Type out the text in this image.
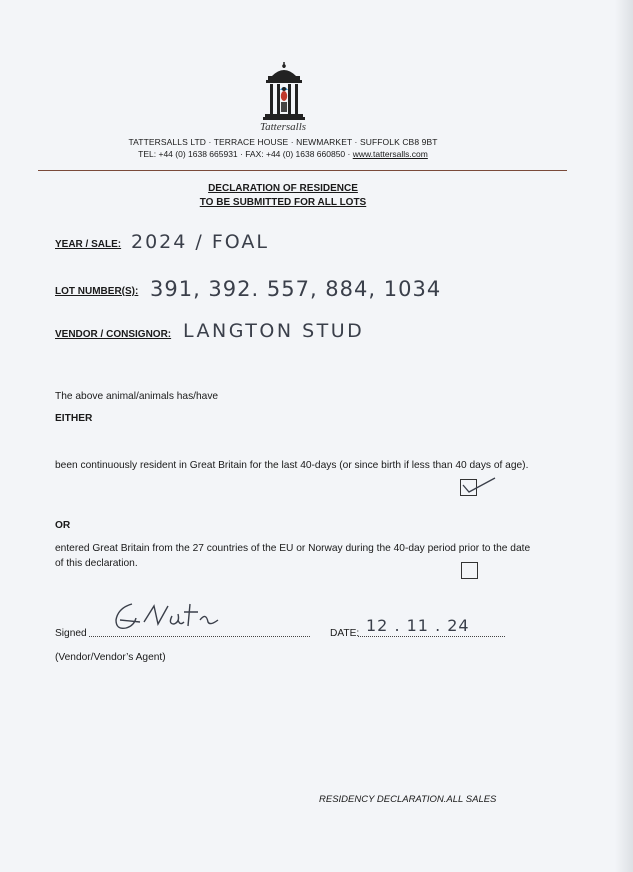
Tattersalls
TATTERSALLS LTD · TERRACE HOUSE · NEWMARKET · SUFFOLK CB8 9BT
TEL: +44 (0) 1638 665931 · FAX: +44 (0) 1638 660850 · www.tattersalls.com
DECLARATION OF RESIDENCE
TO BE SUBMITTED FOR ALL LOTS
YEAR / SALE: 2024 / FOAL
LOT NUMBER(S): 391, 392. 557, 884, 1034
VENDOR / CONSIGNOR: LANGTON STUD
The above animal/animals has/have
EITHER
been continuously resident in Great Britain for the last 40-days (or since birth if less than 40 days of age).
OR
entered Great Britain from the 27 countries of the EU or Norway during the 40-day period prior to the date of this declaration.
Signed	DATE: 12 . 11 . 24
(Vendor/Vendor’s Agent)
RESIDENCY DECLARATION.ALL SALES
